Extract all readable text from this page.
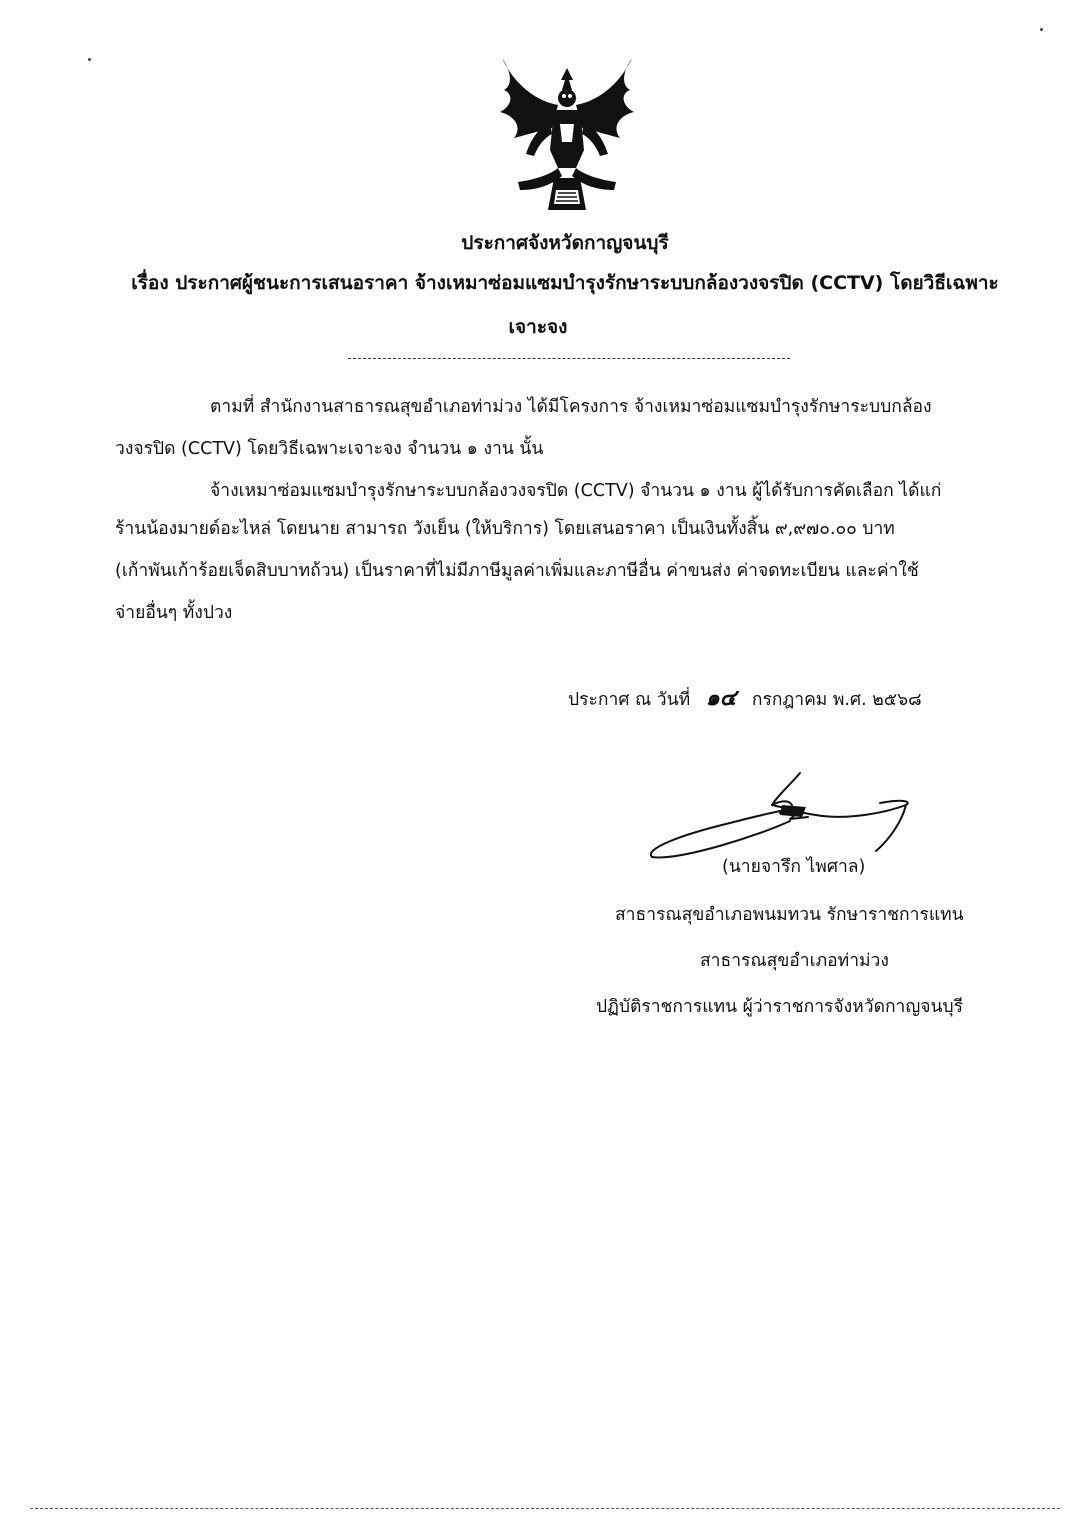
ประกาศจังหวัดกาญจนบุรี
เรื่อง ประกาศผู้ชนะการเสนอราคา จ้างเหมาซ่อมแซมบำรุงรักษาระบบกล้องวงจรปิด (CCTV) โดยวิธีเฉพาะ
เจาะจง
ตามที่ สำนักงานสาธารณสุขอำเภอท่าม่วง ได้มีโครงการ จ้างเหมาซ่อมแซมบำรุงรักษาระบบกล้อง
วงจรปิด (CCTV) โดยวิธีเฉพาะเจาะจง จำนวน ๑ งาน นั้น
จ้างเหมาซ่อมแซมบำรุงรักษาระบบกล้องวงจรปิด (CCTV) จำนวน ๑ งาน ผู้ได้รับการคัดเลือก ได้แก่
ร้านน้องมายด์อะไหล่ โดยนาย สามารถ วังเย็น (ให้บริการ) โดยเสนอราคา เป็นเงินทั้งสิ้น ๙,๙๗๐.๐๐ บาท
(เก้าพันเก้าร้อยเจ็ดสิบบาทถ้วน) เป็นราคาที่ไม่มีภาษีมูลค่าเพิ่มและภาษีอื่น ค่าขนส่ง ค่าจดทะเบียน และค่าใช้
จ่ายอื่นๆ ทั้งปวง
ประกาศ ณ วันที่ ๑๔ กรกฎาคม พ.ศ. ๒๕๖๘
(นายจารึก ไพศาล)
สาธารณสุขอำเภอพนมทวน รักษาราชการแทน
สาธารณสุขอำเภอท่าม่วง
ปฏิบัติราชการแทน ผู้ว่าราชการจังหวัดกาญจนบุรี
